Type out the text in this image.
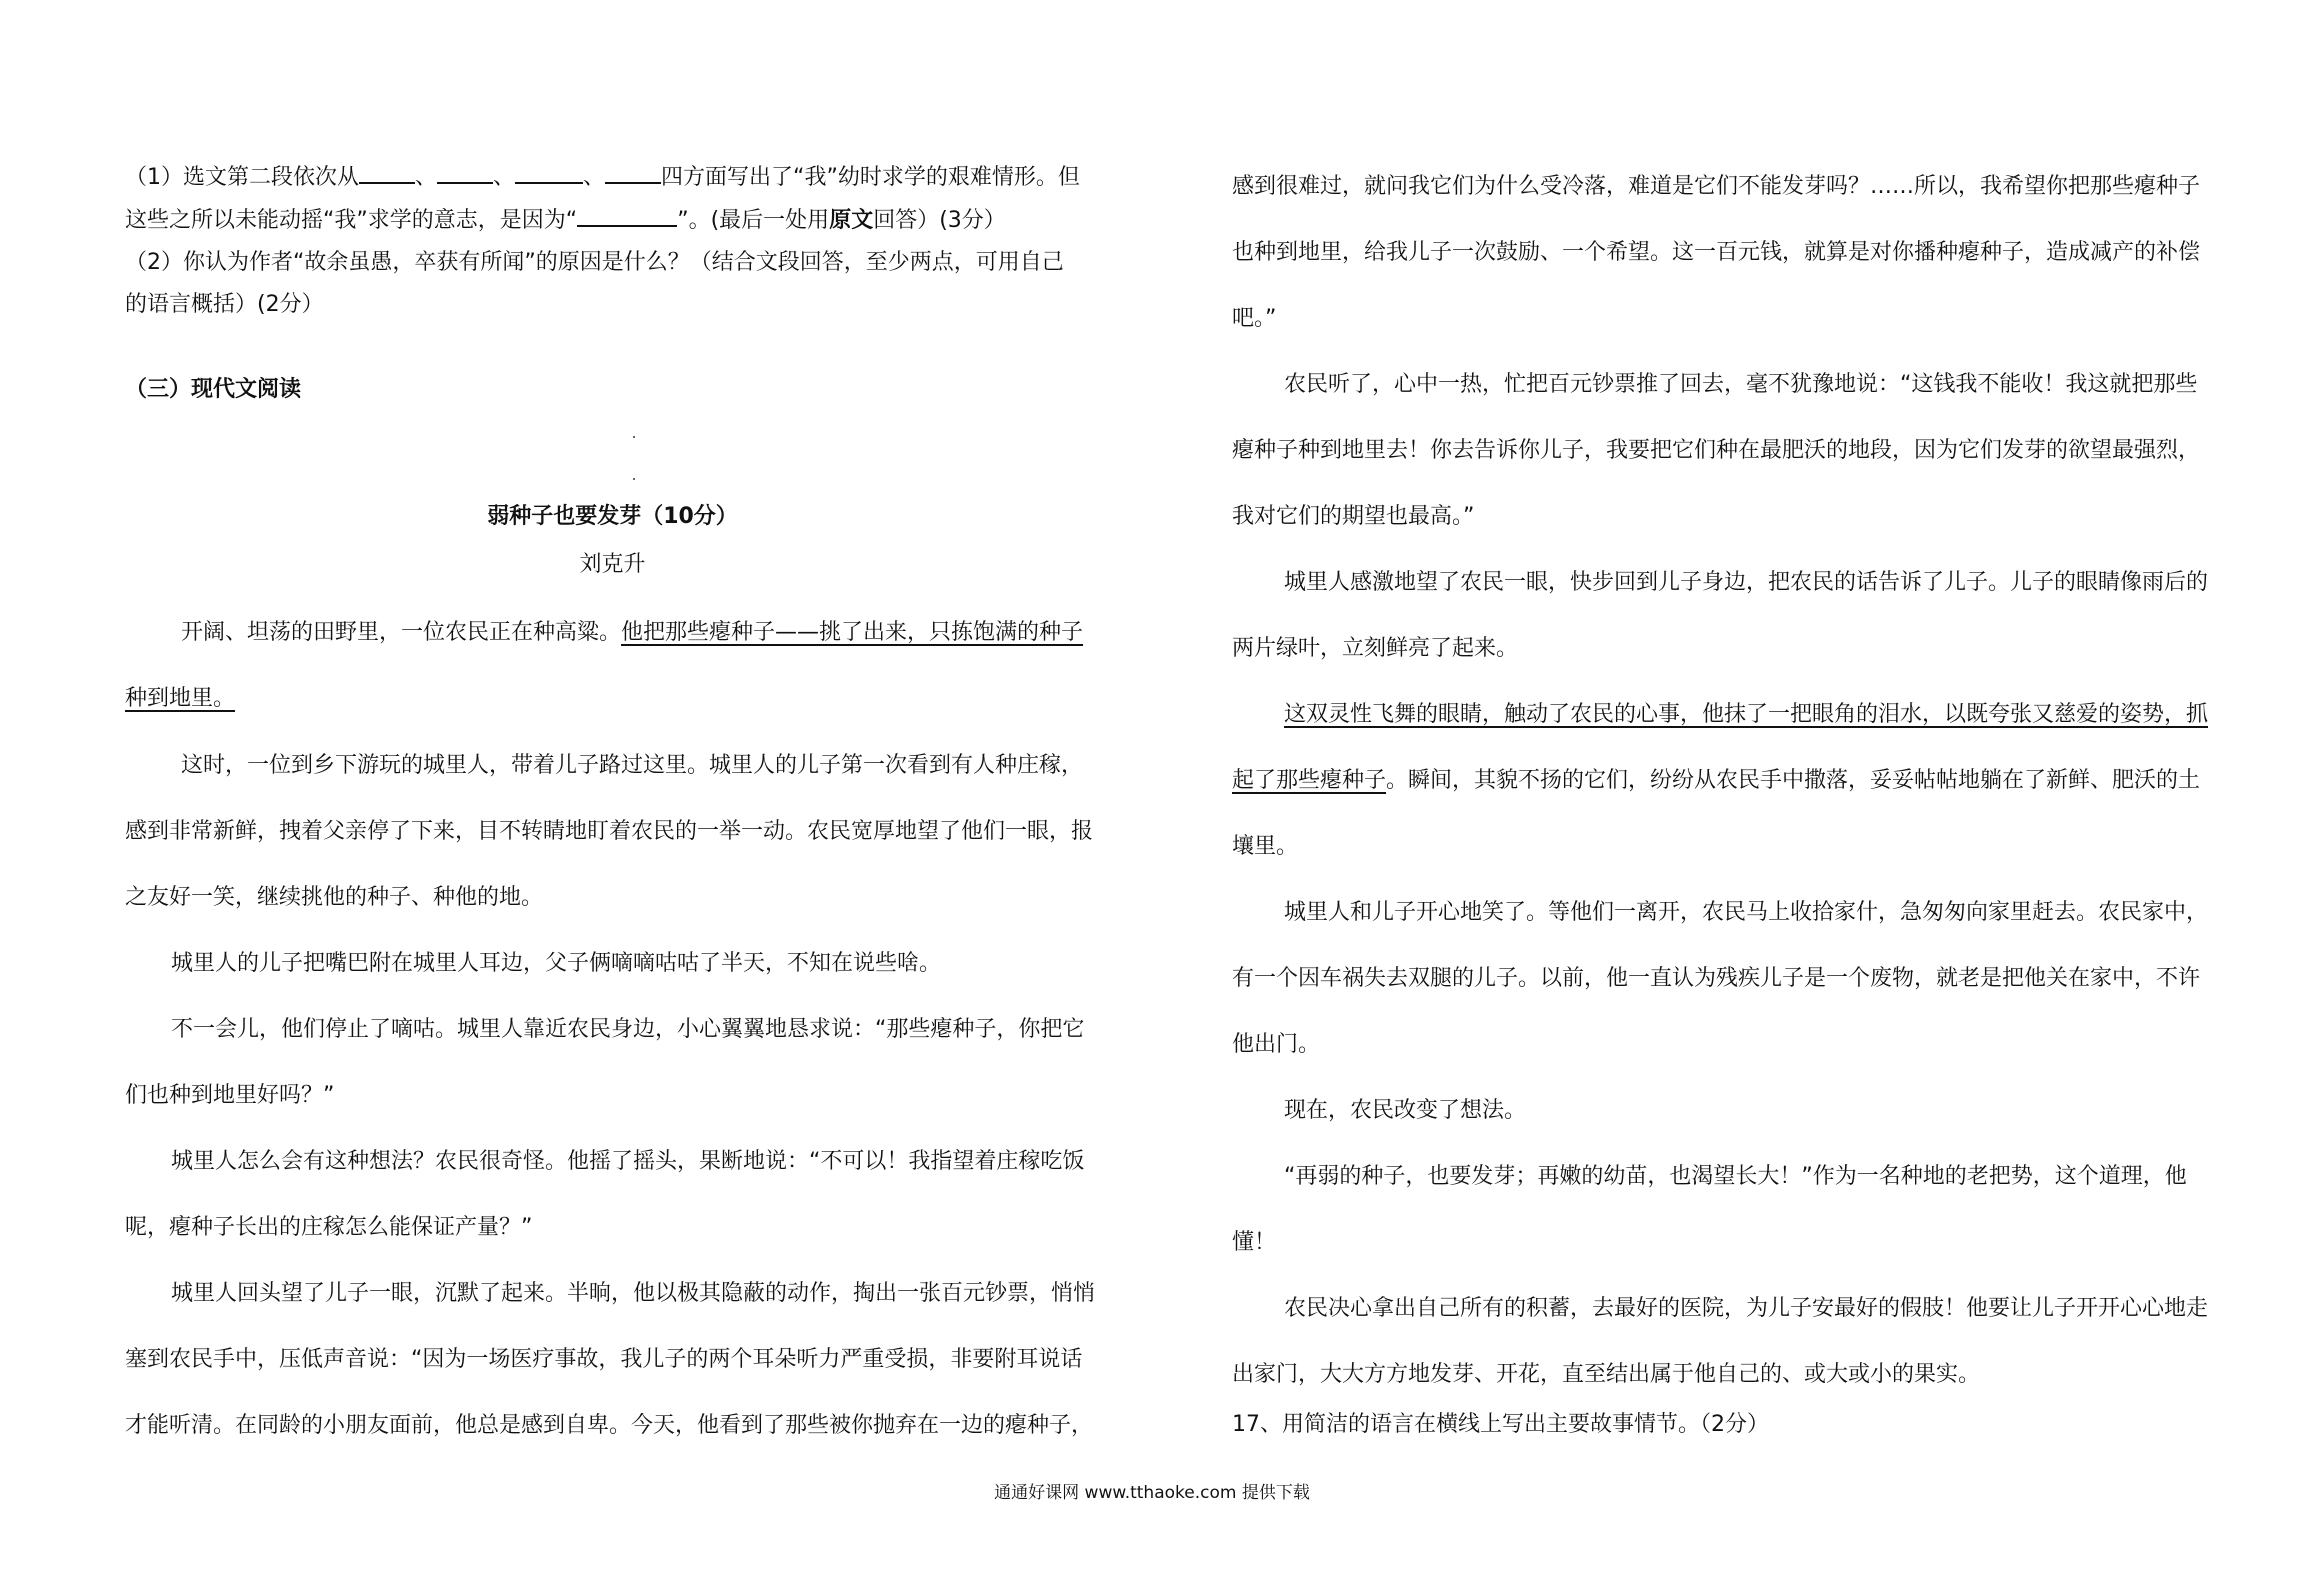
（1）选文第二段依次从	、	、	、	四方面写出了“我”幼时求学的艰难情形。但
这些之所以未能动摇“我”求学的意志，是因为“	”。(最后一处用原文回答）(3分）
（2）你认为作者“故余虽愚，卒获有所闻”的原因是什么？（结合文段回答，至少两点，可用自己
的语言概括）(2分）
（三）现代文阅读
弱种子也要发芽（10分）
刘克升
开阔、坦荡的田野里，一位农民正在种高粱。他把那些瘪种子——挑了出来，只拣饱满的种子
种到地里。
这时，一位到乡下游玩的城里人，带着儿子路过这里。城里人的儿子第一次看到有人种庄稼，
感到非常新鲜，拽着父亲停了下来，目不转睛地盯着农民的一举一动。农民宽厚地望了他们一眼，报
之友好一笑，继续挑他的种子、种他的地。
城里人的儿子把嘴巴附在城里人耳边，父子俩嘀嘀咕咕了半天，不知在说些啥。
不一会儿，他们停止了嘀咕。城里人靠近农民身边，小心翼翼地恳求说：“那些瘪种子，你把它
们也种到地里好吗？”
城里人怎么会有这种想法？农民很奇怪。他摇了摇头，果断地说：“不可以！我指望着庄稼吃饭
呢，瘪种子长出的庄稼怎么能保证产量？”
城里人回头望了儿子一眼，沉默了起来。半晌，他以极其隐蔽的动作，掏出一张百元钞票，悄悄
塞到农民手中，压低声音说：“因为一场医疗事故，我儿子的两个耳朵听力严重受损，非要附耳说话
才能听清。在同龄的小朋友面前，他总是感到自卑。今天，他看到了那些被你抛弃在一边的瘪种子，
感到很难过，就问我它们为什么受冷落，难道是它们不能发芽吗？……所以，我希望你把那些瘪种子
也种到地里，给我儿子一次鼓励、一个希望。这一百元钱，就算是对你播种瘪种子，造成减产的补偿
吧。”
农民听了，心中一热，忙把百元钞票推了回去，毫不犹豫地说：“这钱我不能收！我这就把那些
瘪种子种到地里去！你去告诉你儿子，我要把它们种在最肥沃的地段，因为它们发芽的欲望最强烈，
我对它们的期望也最高。”
城里人感激地望了农民一眼，快步回到儿子身边，把农民的话告诉了儿子。儿子的眼睛像雨后的
两片绿叶，立刻鲜亮了起来。
这双灵性飞舞的眼睛，触动了农民的心事，他抹了一把眼角的泪水，以既夸张又慈爱的姿势，抓
起了那些瘪种子。瞬间，其貌不扬的它们，纷纷从农民手中撒落，妥妥帖帖地躺在了新鲜、肥沃的土
壤里。
城里人和儿子开心地笑了。等他们一离开，农民马上收拾家什，急匆匆向家里赶去。农民家中，
有一个因车祸失去双腿的儿子。以前，他一直认为残疾儿子是一个废物，就老是把他关在家中，不许
他出门。
现在，农民改变了想法。
“再弱的种子，也要发芽；再嫩的幼苗，也渴望长大！”作为一名种地的老把势，这个道理，他
懂！
农民决心拿出自己所有的积蓄，去最好的医院，为儿子安最好的假肢！他要让儿子开开心心地走
出家门，大大方方地发芽、开花，直至结出属于他自己的、或大或小的果实。
17、用简洁的语言在横线上写出主要故事情节。（2分）
通通好课网 www.tthaoke.com 提供下载
